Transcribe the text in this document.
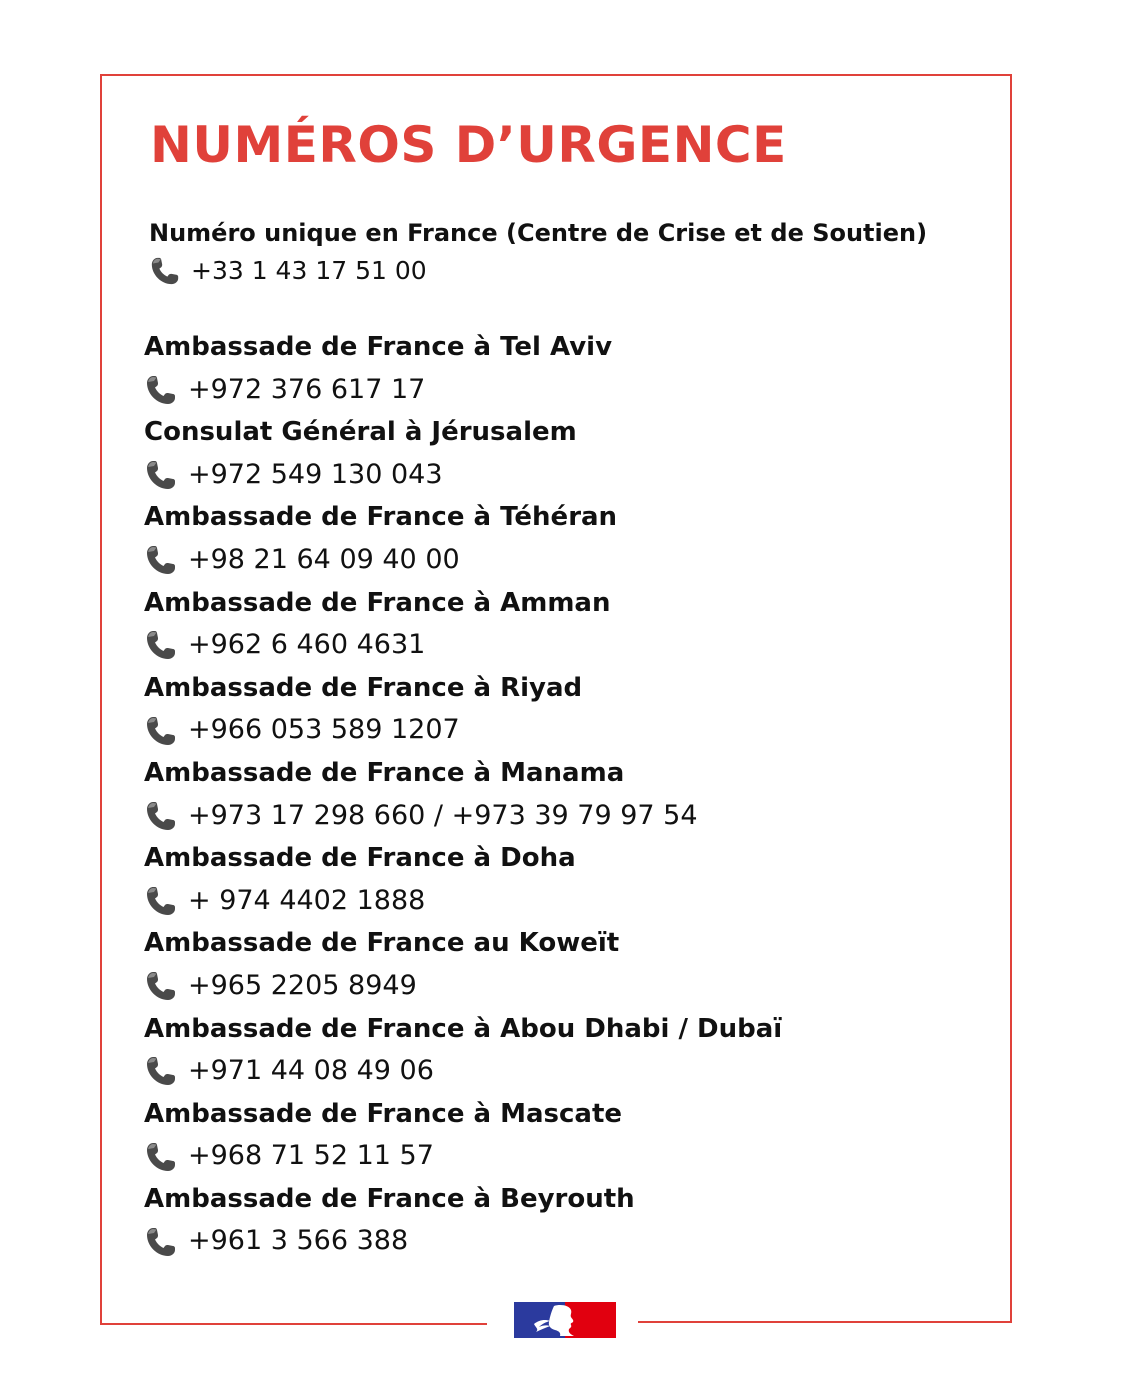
NUMÉROS D’URGENCE
Numéro unique en France (Centre de Crise et de Soutien)
+33 1 43 17 51 00
Ambassade de France à Tel Aviv
+972 376 617 17
Consulat Général à Jérusalem
+972 549 130 043
Ambassade de France à Téhéran
+98 21 64 09 40 00
Ambassade de France à Amman
+962 6 460 4631
Ambassade de France à Riyad
+966 053 589 1207
Ambassade de France à Manama
+973 17 298 660 / +973 39 79 97 54
Ambassade de France à Doha
+ 974 4402 1888
Ambassade de France au Koweït
+965 2205 8949
Ambassade de France à Abou Dhabi / Dubaï
+971 44 08 49 06
Ambassade de France à Mascate
+968 71 52 11 57
Ambassade de France à Beyrouth
+961 3 566 388
